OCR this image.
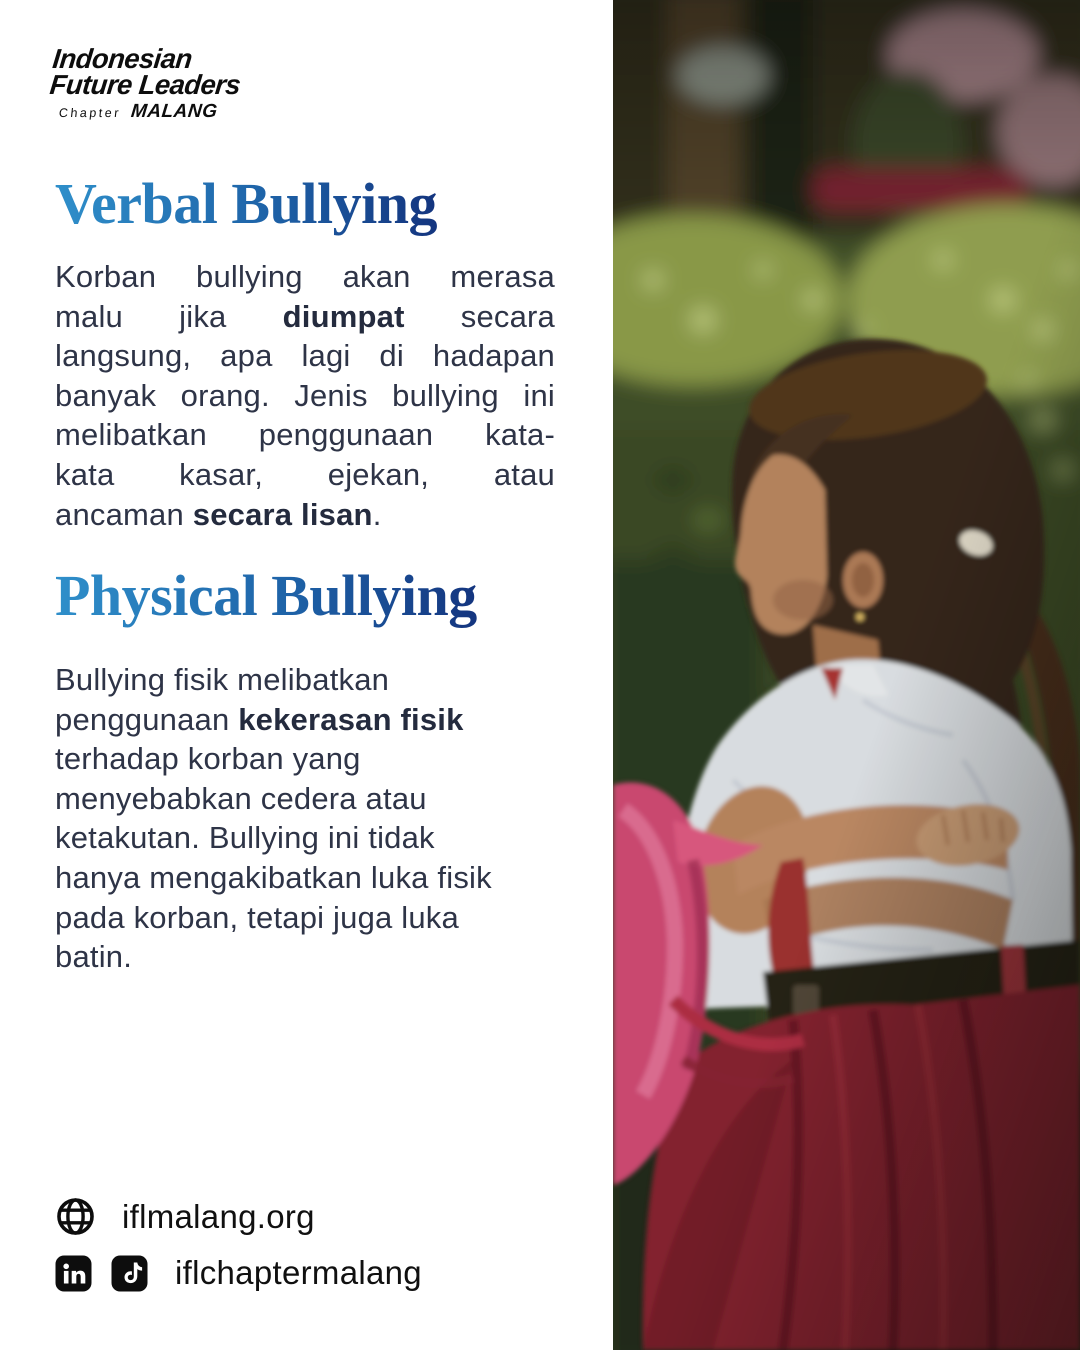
Indonesian
Future Leaders
Chapter MALANG
Verbal Bullying
Korban bullying akan merasa
malu jika diumpat secara
langsung, apa lagi di hadapan
banyak orang. Jenis bullying ini
melibatkan penggunaan kata-
kata kasar, ejekan, atau
ancaman secara lisan.
Physical Bullying
Bullying fisik melibatkan
penggunaan kekerasan fisik
terhadap korban yang
menyebabkan cedera atau
ketakutan. Bullying ini tidak
hanya mengakibatkan luka fisik
pada korban, tetapi juga luka
batin.
iflmalang.org
iflchaptermalang
